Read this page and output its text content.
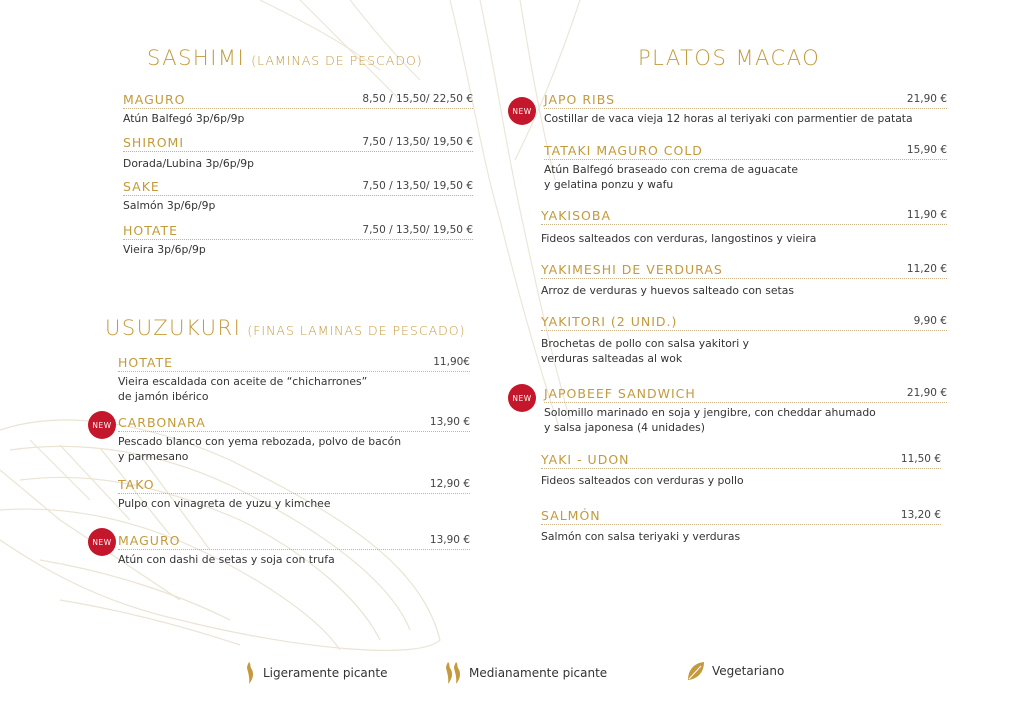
SASHIMI (LAMINAS DE PESCADO)
MAGURO	8,50 / 15,50/ 22,50 €
Atún Balfegó 3p/6p/9p
SHIROMI	7,50 / 13,50/ 19,50 €
Dorada/Lubina 3p/6p/9p
SAKE	7,50 / 13,50/ 19,50 €
Salmón 3p/6p/9p
HOTATE	7,50 / 13,50/ 19,50 €
Vieira 3p/6p/9p
USUZUKURI (FINAS LAMINAS DE PESCADO)
HOTATE	11,90€
Vieira escaldada con aceite de “chicharrones”
de jamón ibérico
NEW CARBONARA	13,90 €
Pescado blanco con yema rebozada, polvo de bacón
y parmesano
TAKO	12,90 €
Pulpo con vinagreta de yuzu y kimchee
NEW MAGURO	13,90 €
Atún con dashi de setas y soja con trufa
PLATOS MACAO
NEW
JAPO RIBS	21,90 €
Costillar de vaca vieja 12 horas al teriyaki con parmentier de patata
TATAKI MAGURO COLD	15,90 €
Atún Balfegó braseado con crema de aguacate
y gelatina ponzu y wafu
YAKISOBA	11,90 €
Fideos salteados con verduras, langostinos y vieira
YAKIMESHI DE VERDURAS	11,20 €
Arroz de verduras y huevos salteado con setas
YAKITORI (2 UNID.)	9,90 €
Brochetas de pollo con salsa yakitori y
verduras salteadas al wok
NEW JAPOBEEF SANDWICH	21,90 €
Solomillo marinado en soja y jengibre, con cheddar ahumado
y salsa japonesa (4 unidades)
YAKI - UDON	11,50 €
Fideos salteados con verduras y pollo
SALMÓN	13,20 €
Salmón con salsa teriyaki y verduras
Ligeramente picante	Medianamente picante	Vegetariano
